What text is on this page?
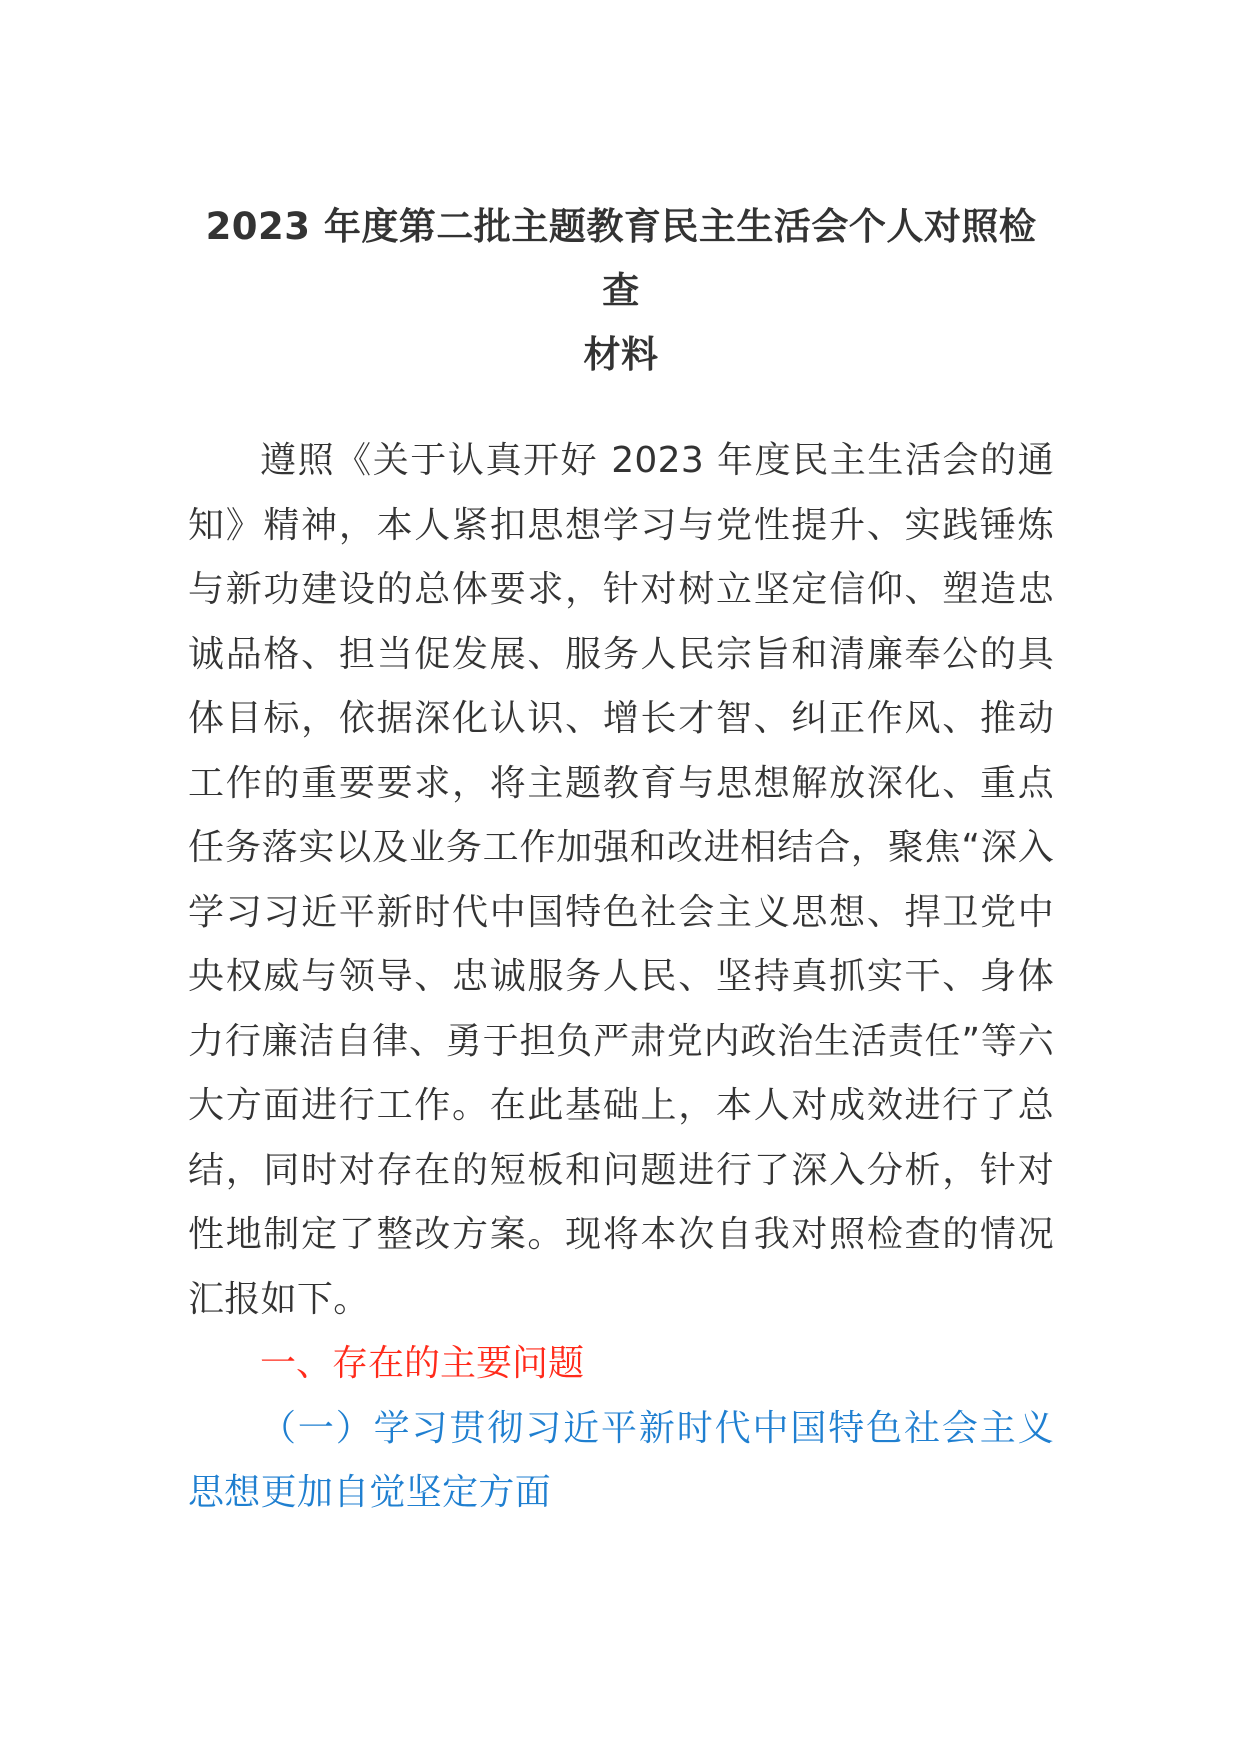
2023 年度第二批主题教育民主生活会个人对照检查
材料

遵照《关于认真开好 2023 年度民主生活会的通知》精神，本人紧扣思想学习与党性提升、实践锤炼与新功建设的总体要求，针对树立坚定信仰、塑造忠诚品格、担当促发展、服务人民宗旨和清廉奉公的具体目标，依据深化认识、增长才智、纠正作风、推动工作的重要要求，将主题教育与思想解放深化、重点任务落实以及业务工作加强和改进相结合，聚焦“深入学习习近平新时代中国特色社会主义思想、捍卫党中央权威与领导、忠诚服务人民、坚持真抓实干、身体力行廉洁自律、勇于担负严肃党内政治生活责任”等六大方面进行工作。在此基础上，本人对成效进行了总结，同时对存在的短板和问题进行了深入分析，针对性地制定了整改方案。现将本次自我对照检查的情况汇报如下。

一、存在的主要问题

（一）学习贯彻习近平新时代中国特色社会主义思想更加自觉坚定方面
